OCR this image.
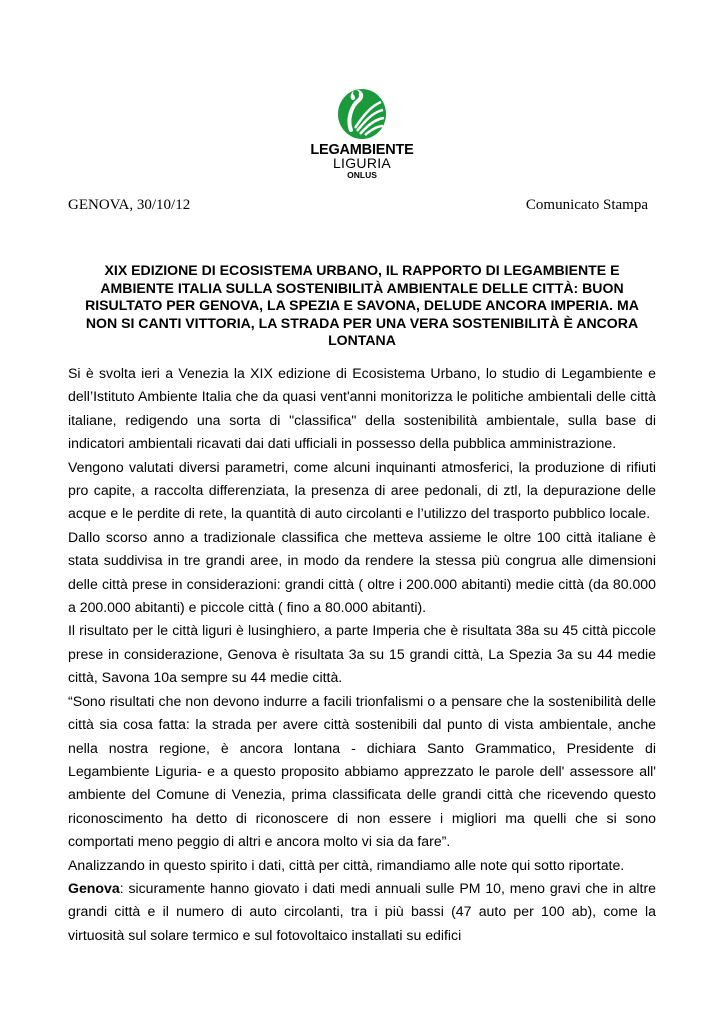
LEGAMBIENTE
LIGURIA
ONLUS
GENOVA, 30/10/12	Comunicato Stampa
XIX EDIZIONE DI ECOSISTEMA URBANO, IL RAPPORTO DI LEGAMBIENTE E AMBIENTE ITALIA SULLA SOSTENIBILITÀ AMBIENTALE DELLE CITTÀ: BUON RISULTATO PER GENOVA, LA SPEZIA E SAVONA, DELUDE ANCORA IMPERIA. MA NON SI CANTI VITTORIA, LA STRADA PER UNA VERA SOSTENIBILITÀ È ANCORA LONTANA

Si è svolta ieri a Venezia la XIX edizione di Ecosistema Urbano, lo studio di Legambiente e dell’Istituto Ambiente Italia che da quasi vent'anni monitorizza le politiche ambientali delle città italiane, redigendo una sorta di "classifica" della sostenibilità ambientale, sulla base di indicatori ambientali ricavati dai dati ufficiali in possesso della pubblica amministrazione.

Vengono valutati diversi parametri, come alcuni inquinanti atmosferici, la produzione di rifiuti pro capite, a raccolta differenziata, la presenza di aree pedonali, di ztl, la depurazione delle acque e le perdite di rete, la quantità di auto circolanti e l’utilizzo del trasporto pubblico locale.

Dallo scorso anno a tradizionale classifica che metteva assieme le oltre 100 città italiane è stata suddivisa in tre grandi aree, in modo da rendere la stessa più congrua alle dimensioni delle città prese in considerazioni: grandi città ( oltre i 200.000 abitanti) medie città (da 80.000 a 200.000 abitanti) e piccole città ( fino a 80.000 abitanti).

Il risultato per le città liguri è lusinghiero, a parte Imperia che è risultata 38a su 45 città piccole prese in considerazione, Genova è risultata 3a su 15 grandi città, La Spezia 3a su 44 medie città, Savona 10a sempre su 44 medie città.

“Sono risultati che non devono indurre a facili trionfalismi o a pensare che la sostenibilità delle città sia cosa fatta: la strada per avere città sostenibili dal punto di vista ambientale, anche nella nostra regione, è ancora lontana - dichiara Santo Grammatico, Presidente di Legambiente Liguria- e a questo proposito abbiamo apprezzato le parole dell' assessore all' ambiente del Comune di Venezia, prima classificata delle grandi città che ricevendo questo riconoscimento ha detto di riconoscere di non essere i migliori ma quelli che si sono comportati meno peggio di altri e ancora molto vi sia da fare”.

Analizzando in questo spirito i dati, città per città, rimandiamo alle note qui sotto riportate.

Genova: sicuramente hanno giovato i dati medi annuali sulle PM 10, meno gravi che in altre grandi città e il numero di auto circolanti, tra i più bassi (47 auto per 100 ab), come la virtuosità sul solare termico e sul fotovoltaico installati su edifici
